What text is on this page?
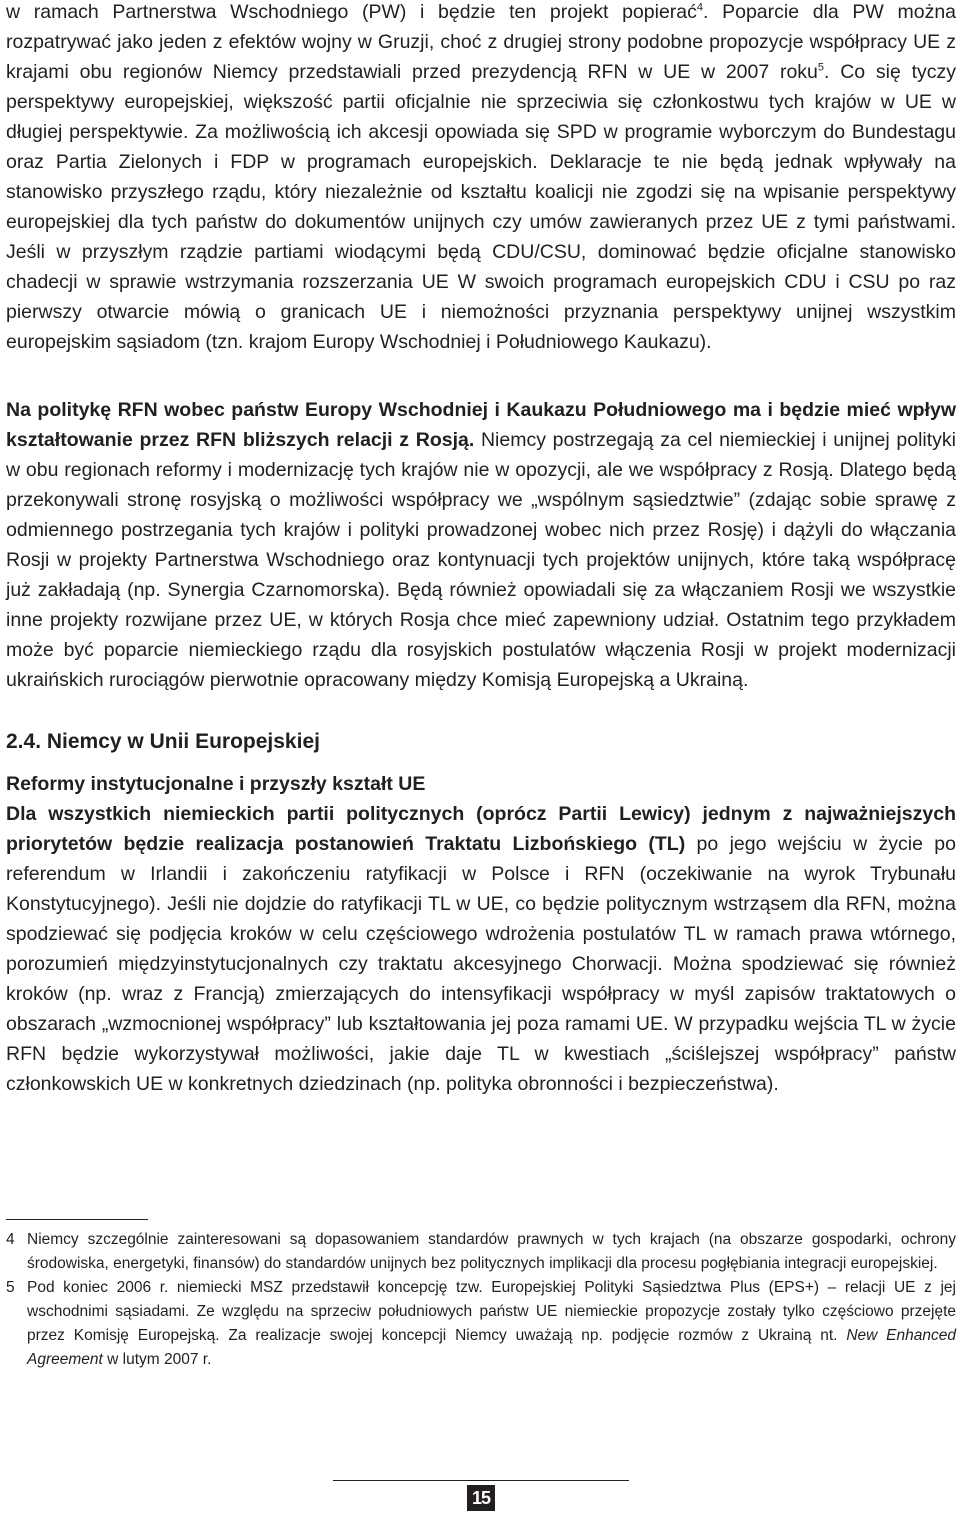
w ramach Partnerstwa Wschodniego (PW) i będzie ten projekt popierać$^4$. Poparcie dla PW można rozpatrywać jako jeden z efektów wojny w Gruzji, choć z drugiej strony podobne propozycje współpracy UE z krajami obu regionów Niemcy przedstawiali przed prezydencją RFN w UE w 2007 roku$^5$. Co się tyczy perspektywy europejskiej, większość partii oficjalnie nie sprzeciwia się członkostwu tych krajów w UE w długiej perspektywie. Za możliwością ich akcesji opowiada się SPD w programie wyborczym do Bundestagu oraz Partia Zielonych i FDP w programach europejskich. Deklaracje te nie będą jednak wpływały na stanowisko przyszłego rządu, który niezależnie od kształtu koalicji nie zgodzi się na wpisanie perspektywy europejskiej dla tych państw do dokumentów unijnych czy umów zawieranych przez UE z tymi państwami. Jeśli w przyszłym rządzie partiami wiodącymi będą CDU/CSU, dominować będzie oficjalne stanowisko chadecji w sprawie wstrzymania rozszerzania UE W swoich programach europejskich CDU i CSU po raz pierwszy otwarcie mówią o granicach UE i niemożności przyznania perspektywy unijnej wszystkim europejskim sąsiadom (tzn. krajom Europy Wschodniej i Południowego Kaukazu).

Na politykę RFN wobec państw Europy Wschodniej i Kaukazu Południowego ma i będzie mieć wpływ kształtowanie przez RFN bliższych relacji z Rosją. Niemcy postrzegają za cel niemieckiej i unijnej polityki w obu regionach reformy i modernizację tych krajów nie w opozycji, ale we współpracy z Rosją. Dlatego będą przekonywali stronę rosyjską o możliwości współpracy we „wspólnym sąsiedztwie” (zdając sobie sprawę z odmiennego postrzegania tych krajów i polityki prowadzonej wobec nich przez Rosję) i dążyli do włączania Rosji w projekty Partnerstwa Wschodniego oraz kontynuacji tych projektów unijnych, które taką współpracę już zakładają (np. Synergia Czarnomorska). Będą również opowiadali się za włączaniem Rosji we wszystkie inne projekty rozwijane przez UE, w których Rosja chce mieć zapewniony udział. Ostatnim tego przykładem może być poparcie niemieckiego rządu dla rosyjskich postulatów włączenia Rosji w projekt modernizacji ukraińskich rurociągów pierwotnie opracowany między Komisją Europejską a Ukrainą.

2.4. Niemcy w Unii Europejskiej

Reformy instytucjonalne i przyszły kształt UE

Dla wszystkich niemieckich partii politycznych (oprócz Partii Lewicy) jednym z najważniejszych priorytetów będzie realizacja postanowień Traktatu Lizbońskiego (TL) po jego wejściu w życie po referendum w Irlandii i zakończeniu ratyfikacji w Polsce i RFN (oczekiwanie na wyrok Trybunału Konstytucyjnego). Jeśli nie dojdzie do ratyfikacji TL w UE, co będzie politycznym wstrząsem dla RFN, można spodziewać się podjęcia kroków w celu częściowego wdrożenia postulatów TL w ramach prawa wtórnego, porozumień międzyinstytucjonalnych czy traktatu akcesyjnego Chorwacji. Można spodziewać się również kroków (np. wraz z Francją) zmierzających do intensyfikacji współpracy w myśl zapisów traktatowych o obszarach „wzmocnionej współpracy” lub kształtowania jej poza ramami UE. W przypadku wejścia TL w życie RFN będzie wykorzystywał możliwości, jakie daje TL w kwestiach „ściślejszej współpracy” państw członkowskich UE w konkretnych dziedzinach (np. polityka obronności i bezpieczeństwa).

4 Niemcy szczególnie zainteresowani są dopasowaniem standardów prawnych w tych krajach (na obszarze gospodarki, ochrony środowiska, energetyki, finansów) do standardów unijnych bez politycznych implikacji dla procesu pogłębiania integracji europejskiej.

5 Pod koniec 2006 r. niemiecki MSZ przedstawił koncepcję tzw. Europejskiej Polityki Sąsiedztwa Plus (EPS+) – relacji UE z jej wschodnimi sąsiadami. Ze względu na sprzeciw południowych państw UE niemieckie propozycje zostały tylko częściowo przejęte przez Komisję Europejską. Za realizacje swojej koncepcji Niemcy uważają np. podjęcie rozmów z Ukrainą nt. New Enhanced Agreement w lutym 2007 r.

15
